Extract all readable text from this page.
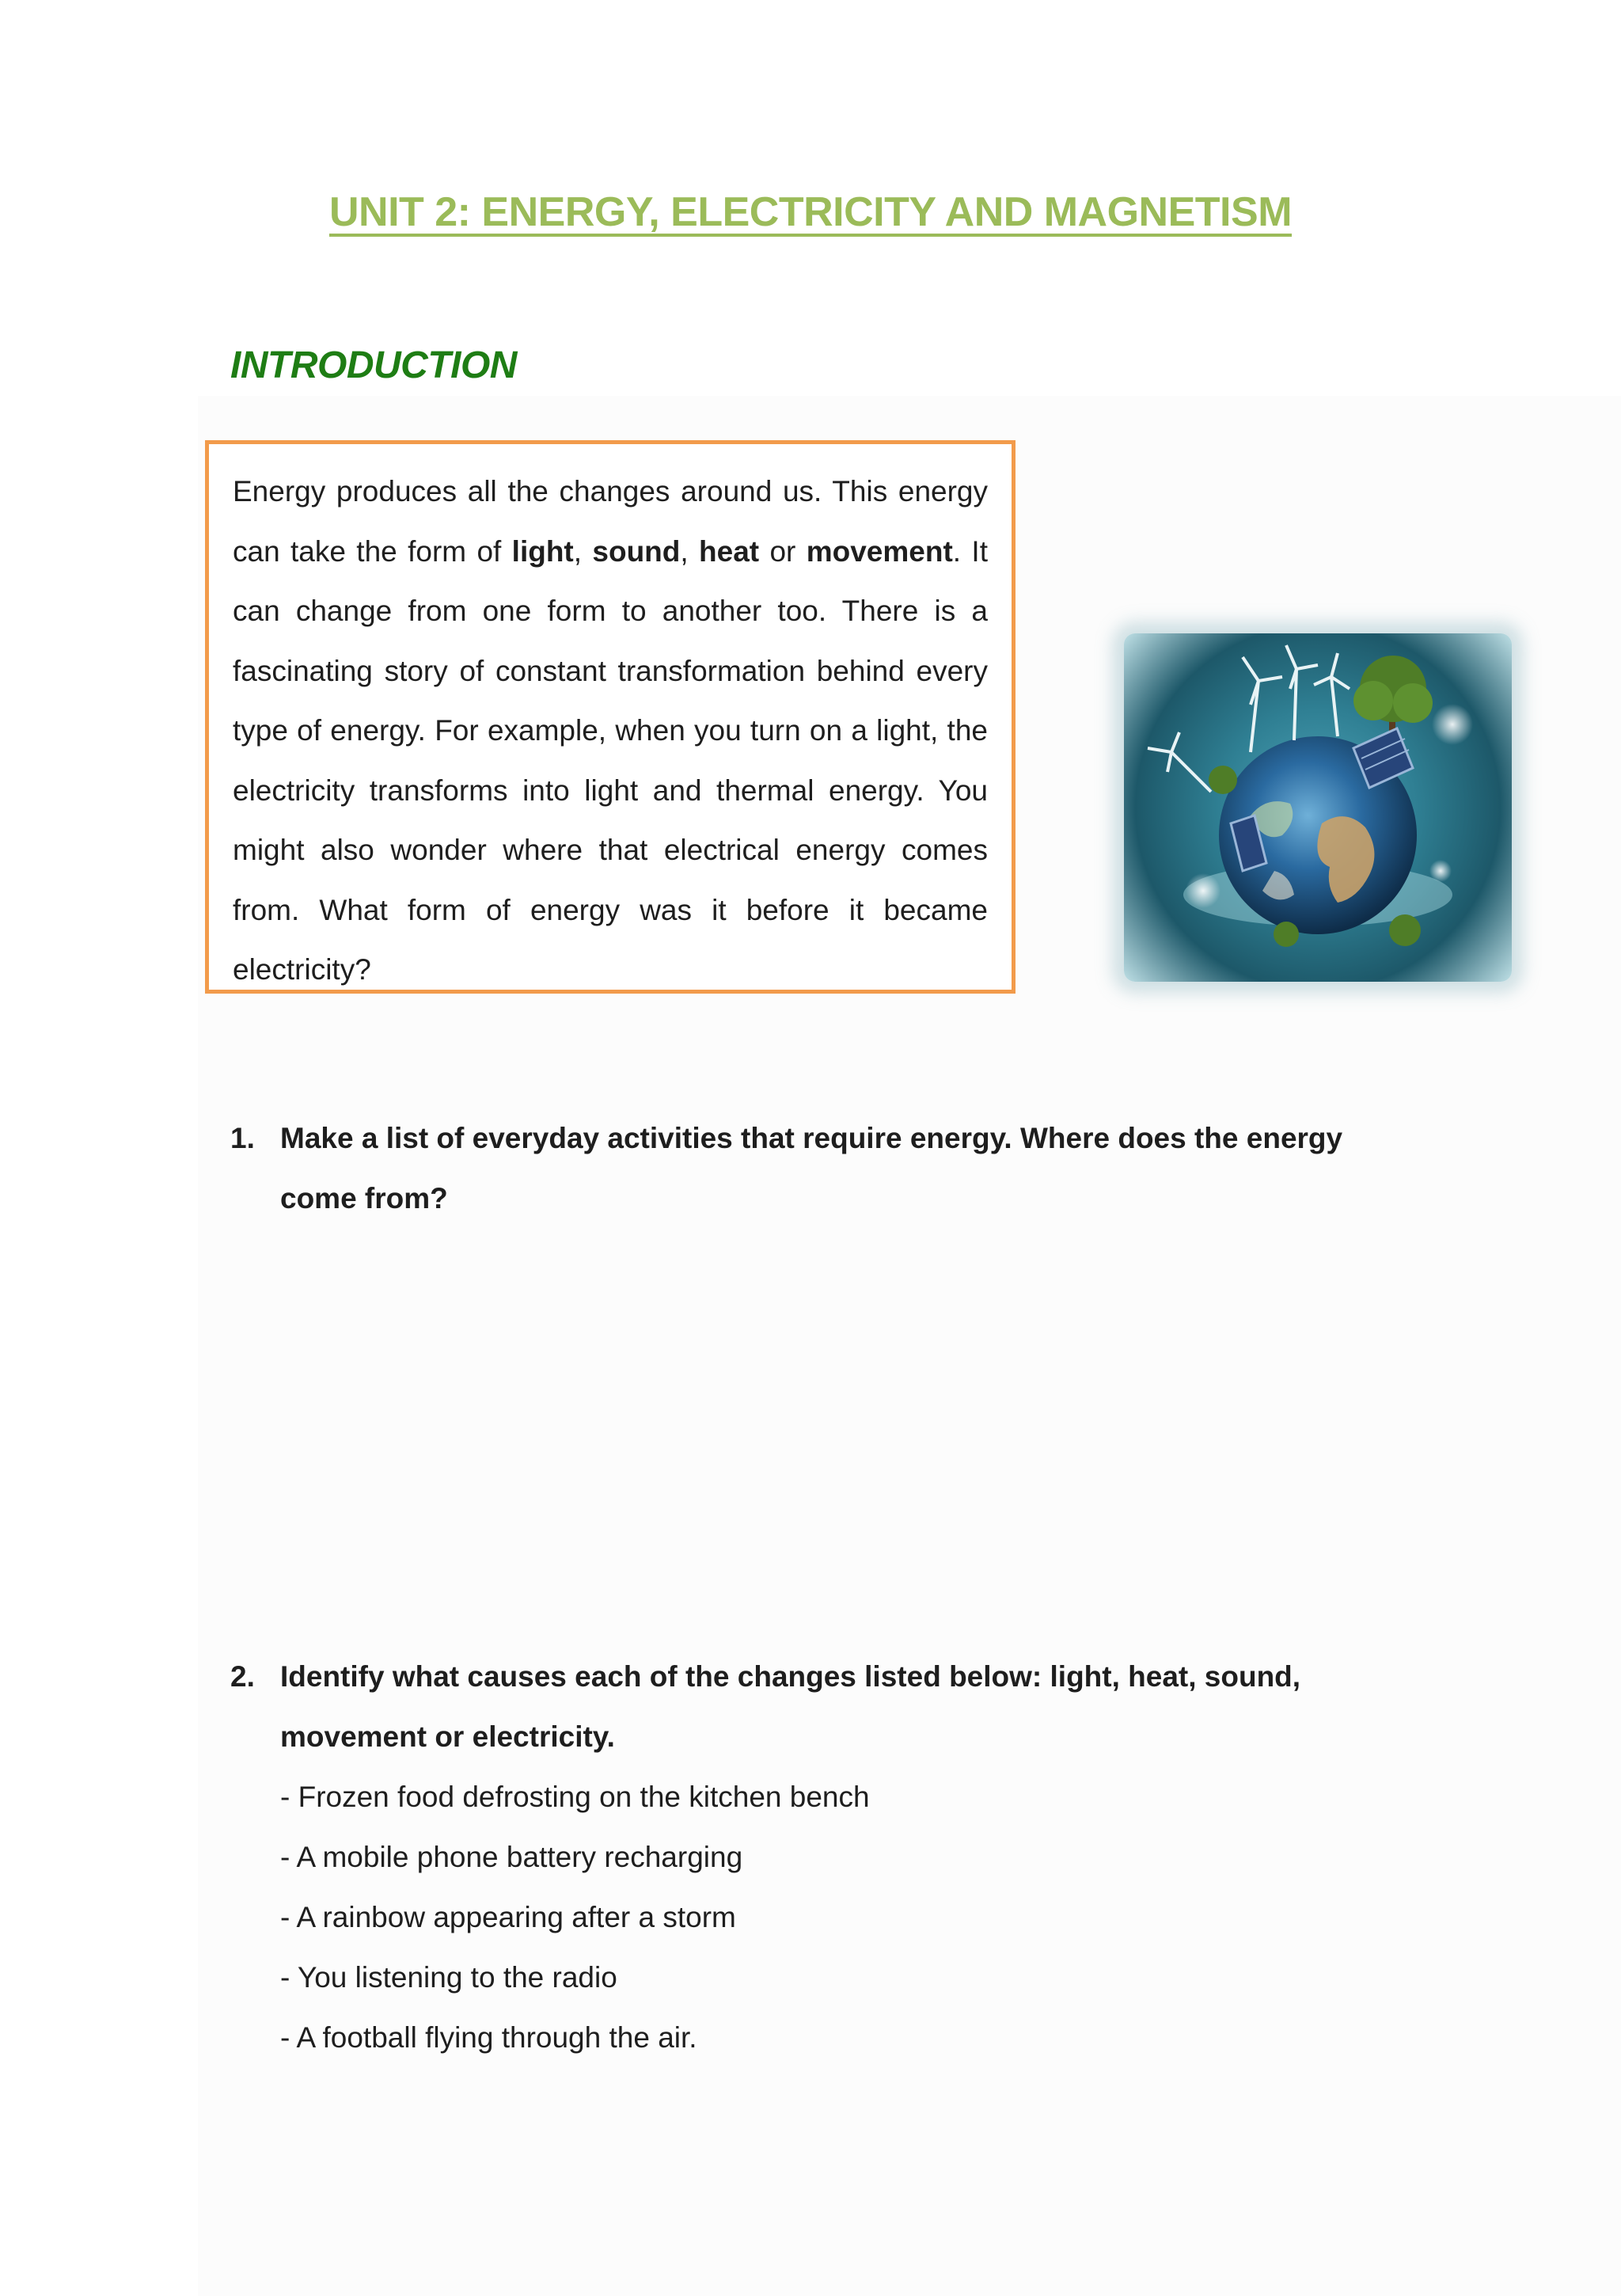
UNIT 2: ENERGY, ELECTRICITY AND MAGNETISM
INTRODUCTION
Energy produces all the changes around us. This energy can take the form of light, sound, heat or movement. It can change from one form to another too. There is a fascinating story of constant transformation behind every type of energy. For example, when you turn on a light, the electricity transforms into light and thermal energy. You might also wonder where that electrical energy comes from. What form of energy was it before it became electricity?
1. Make a list of everyday activities that require energy. Where does the energy come from?
2. Identify what causes each of the changes listed below: light, heat, sound, movement or electricity.
- Frozen food defrosting on the kitchen bench
- A mobile phone battery recharging
- A rainbow appearing after a storm
- You listening to the radio
- A football flying through the air.
